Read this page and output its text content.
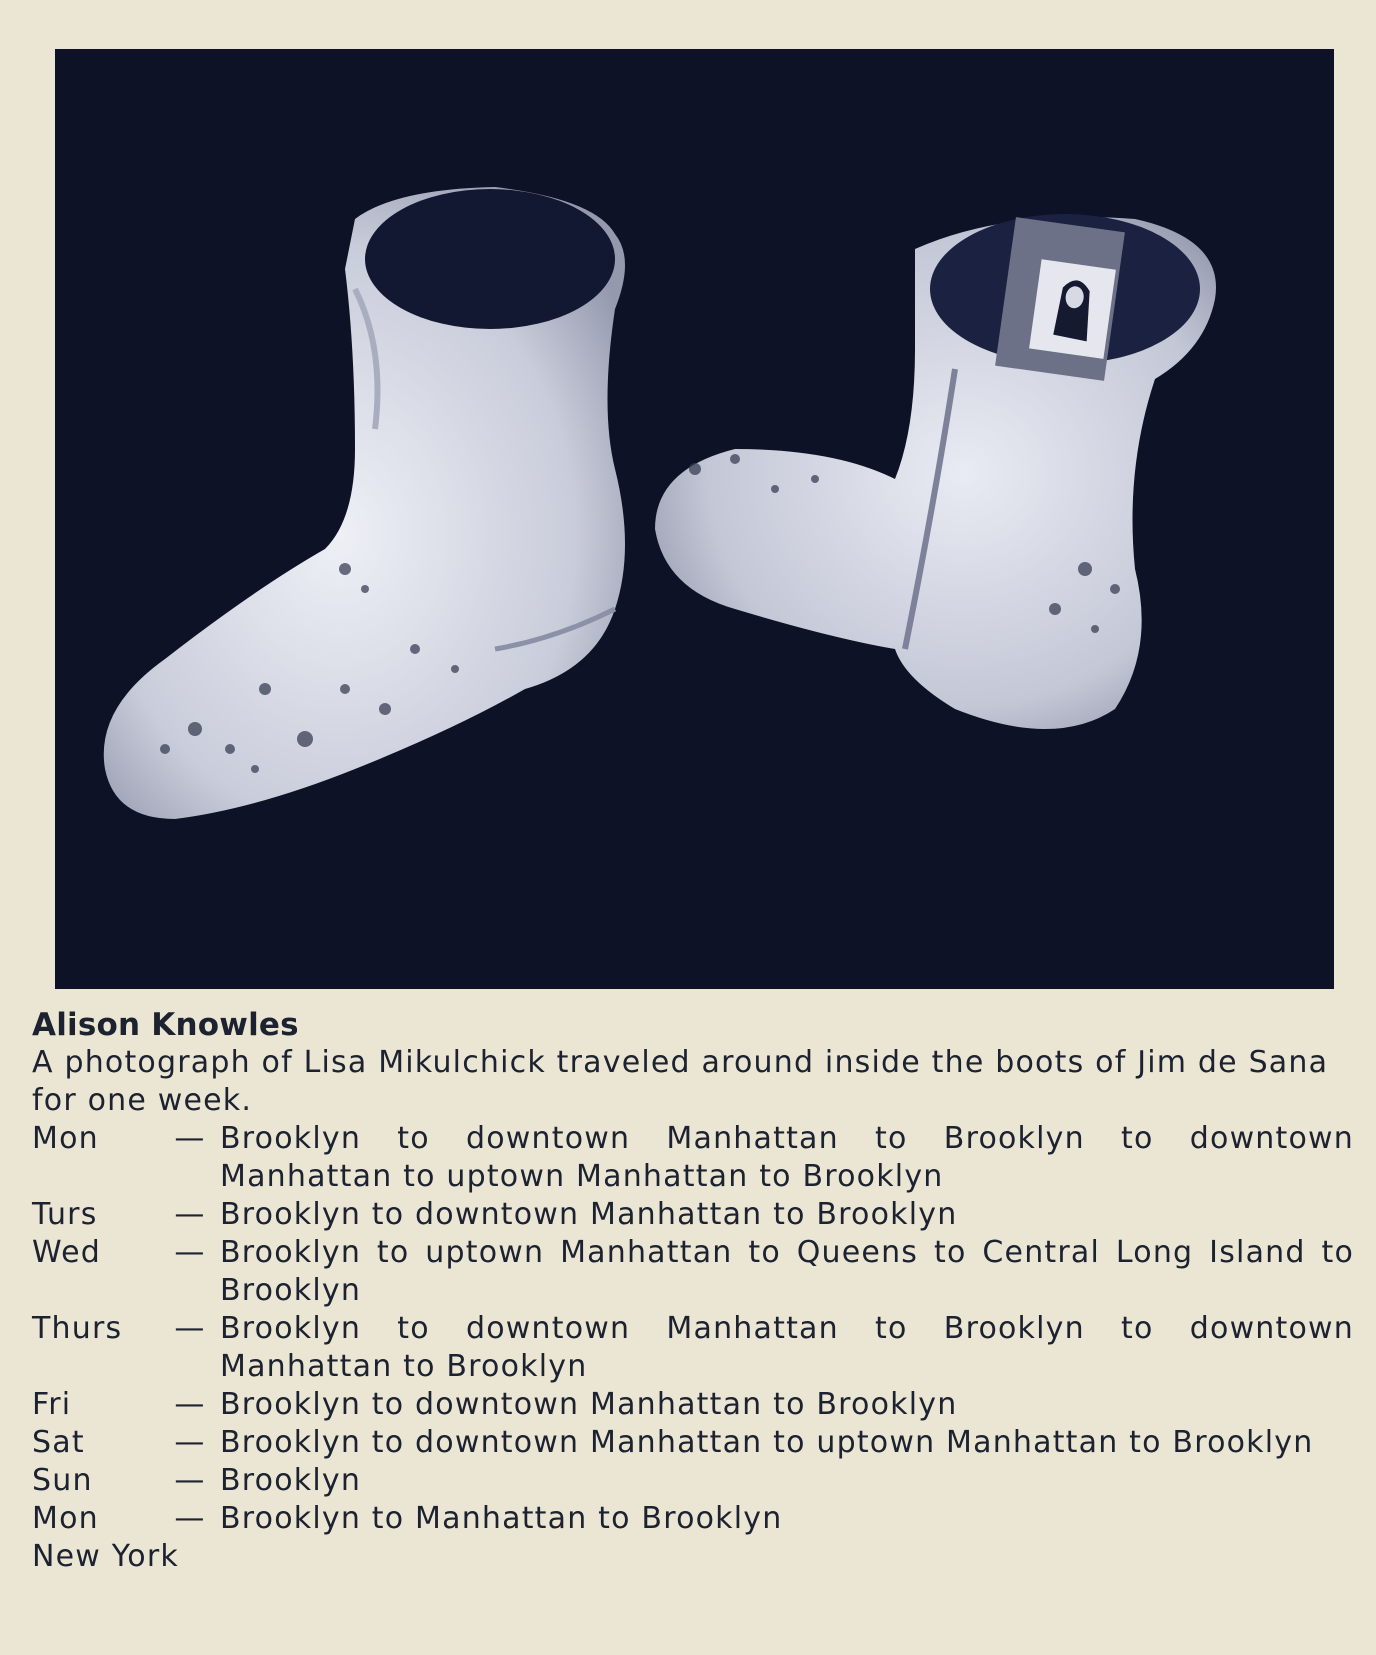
Alison Knowles

A photograph of Lisa Mikulchick traveled around inside the boots of Jim de Sana for one week.

Mon	— Brooklyn to downtown Manhattan to Brooklyn to downtown Manhattan to uptown Manhattan to Brooklyn
Turs	— Brooklyn to downtown Manhattan to Brooklyn
Wed	— Brooklyn to uptown Manhattan to Queens to Central Long Island to Brooklyn
Thurs	— Brooklyn to downtown Manhattan to Brooklyn to downtown Manhattan to Brooklyn
Fri	— Brooklyn to downtown Manhattan to Brooklyn
Sat	— Brooklyn to downtown Manhattan to uptown Manhattan to Brooklyn
Sun	— Brooklyn
Mon	— Brooklyn to Manhattan to Brooklyn

New York
